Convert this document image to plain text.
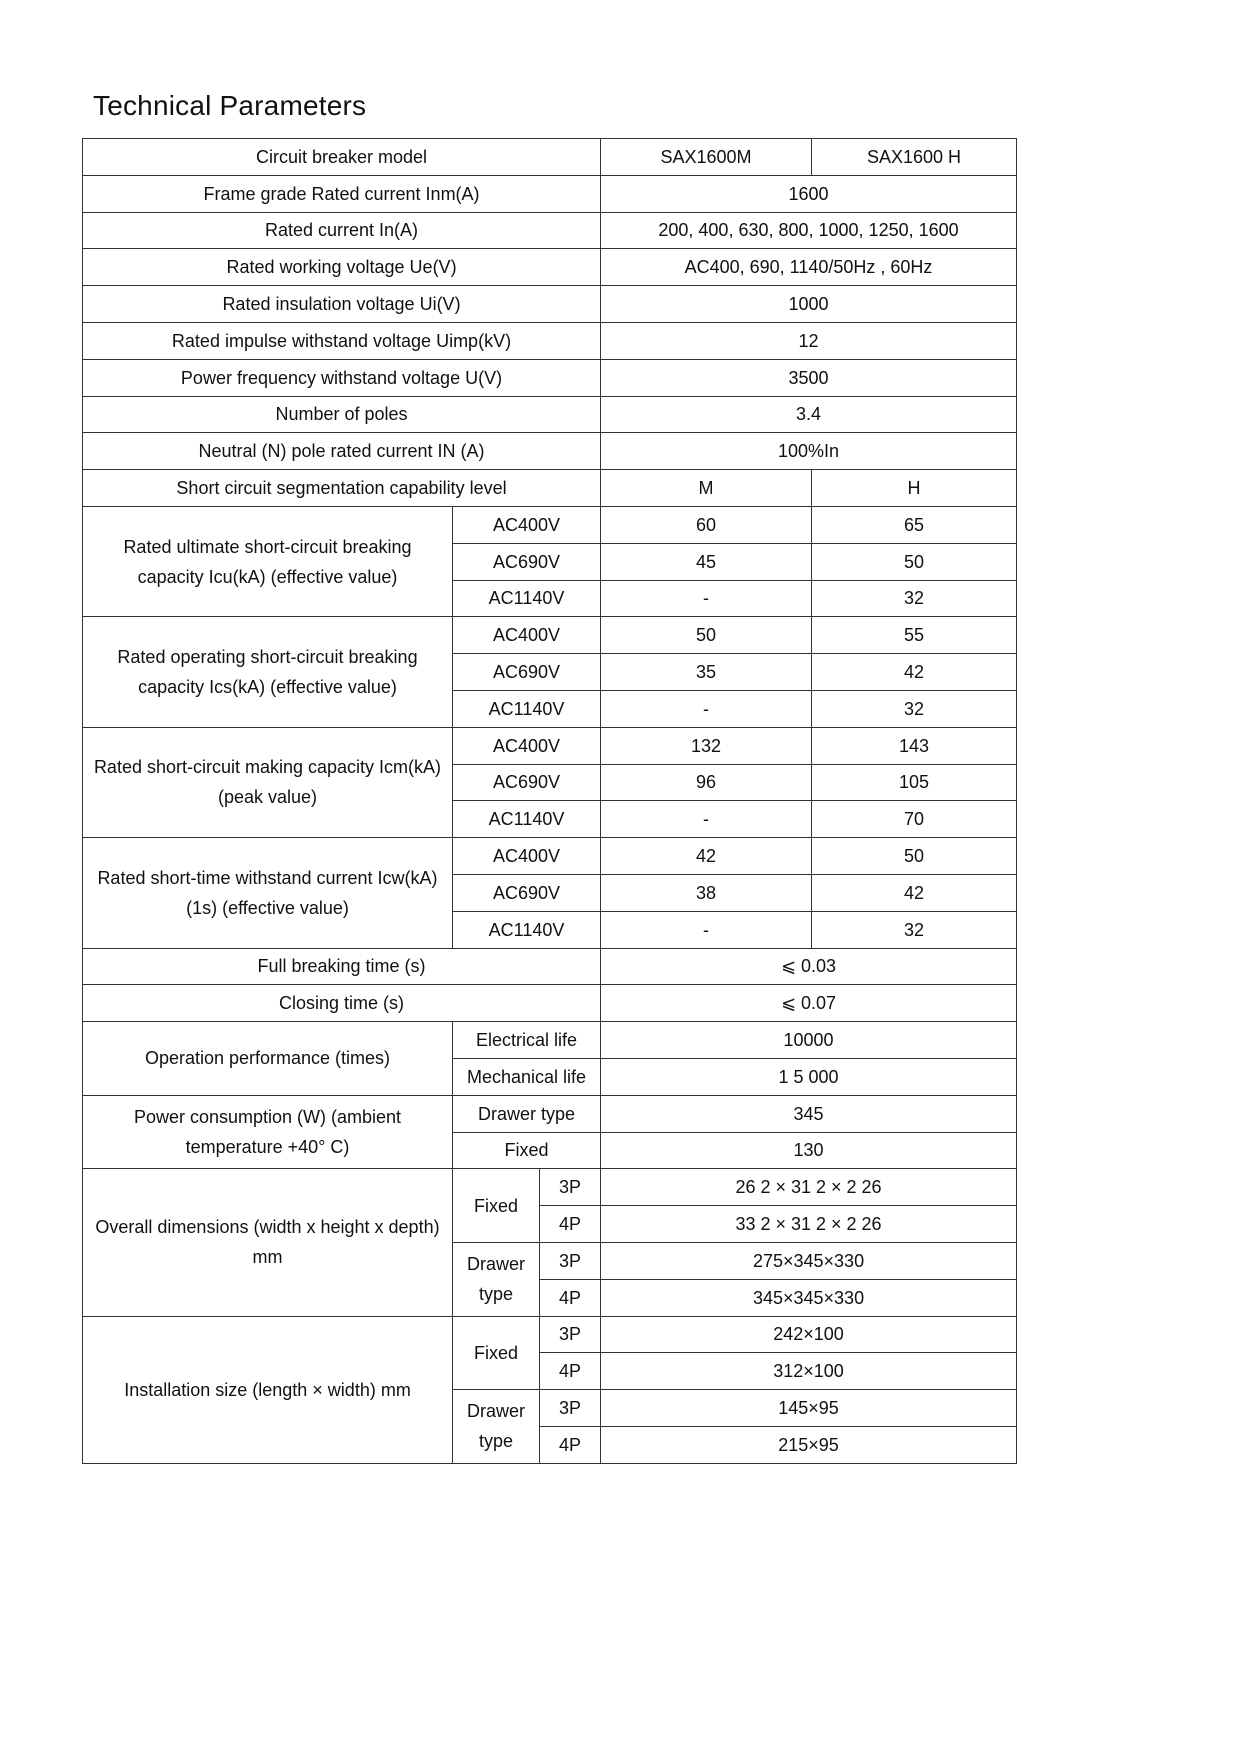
Technical Parameters
Circuit breaker model			SAX1600M	SAX1600 H
Frame grade Rated current Inm(A)			1600	
Rated current In(A)			200, 400, 630, 800, 1000, 1250, 1600	
Rated working voltage Ue(V)			AC400, 690, 1140/50Hz , 60Hz	
Rated insulation voltage Ui(V)			1000	
Rated impulse withstand voltage Uimp(kV)			12	
Power frequency withstand voltage U(V)			3500	
Number of poles			3.4	
Neutral (N) pole rated current IN (A)			100%In	
Short circuit segmentation capability level			M	H
Rated ultimate short-circuit breaking
capacity Icu(kA) (effective value)	AC400V		60	65
	AC690V		45	50
	AC1140V		-	32
Rated operating short-circuit breaking
capacity Ics(kA) (effective value)	AC400V		50	55
	AC690V		35	42
	AC1140V		-	32
Rated short-circuit making capacity Icm(kA)
(peak value)	AC400V		132	143
	AC690V		96	105
	AC1140V		-	70
Rated short-time withstand current Icw(kA)
(1s) (effective value)	AC400V		42	50
	AC690V		38	42
	AC1140V		-	32
Full breaking time (s)			⩽ 0.03	
Closing time (s)			⩽ 0.07	
Operation performance (times)	Electrical life		10000	
	Mechanical life		1 5 000	
Power consumption (W) (ambient
temperature +40° C)	Drawer type		345	
	Fixed		130	
Overall dimensions (width x height x depth)
mm	Fixed	3P	26 2 × 31 2 × 2 26	
		4P	33 2 × 31 2 × 2 26	
	Drawer
type	3P	275×345×330	
		4P	345×345×330	
Installation size (length × width) mm	Fixed	3P	242×100	
		4P	312×100	
	Drawer
type	3P	145×95	
		4P	215×95	
